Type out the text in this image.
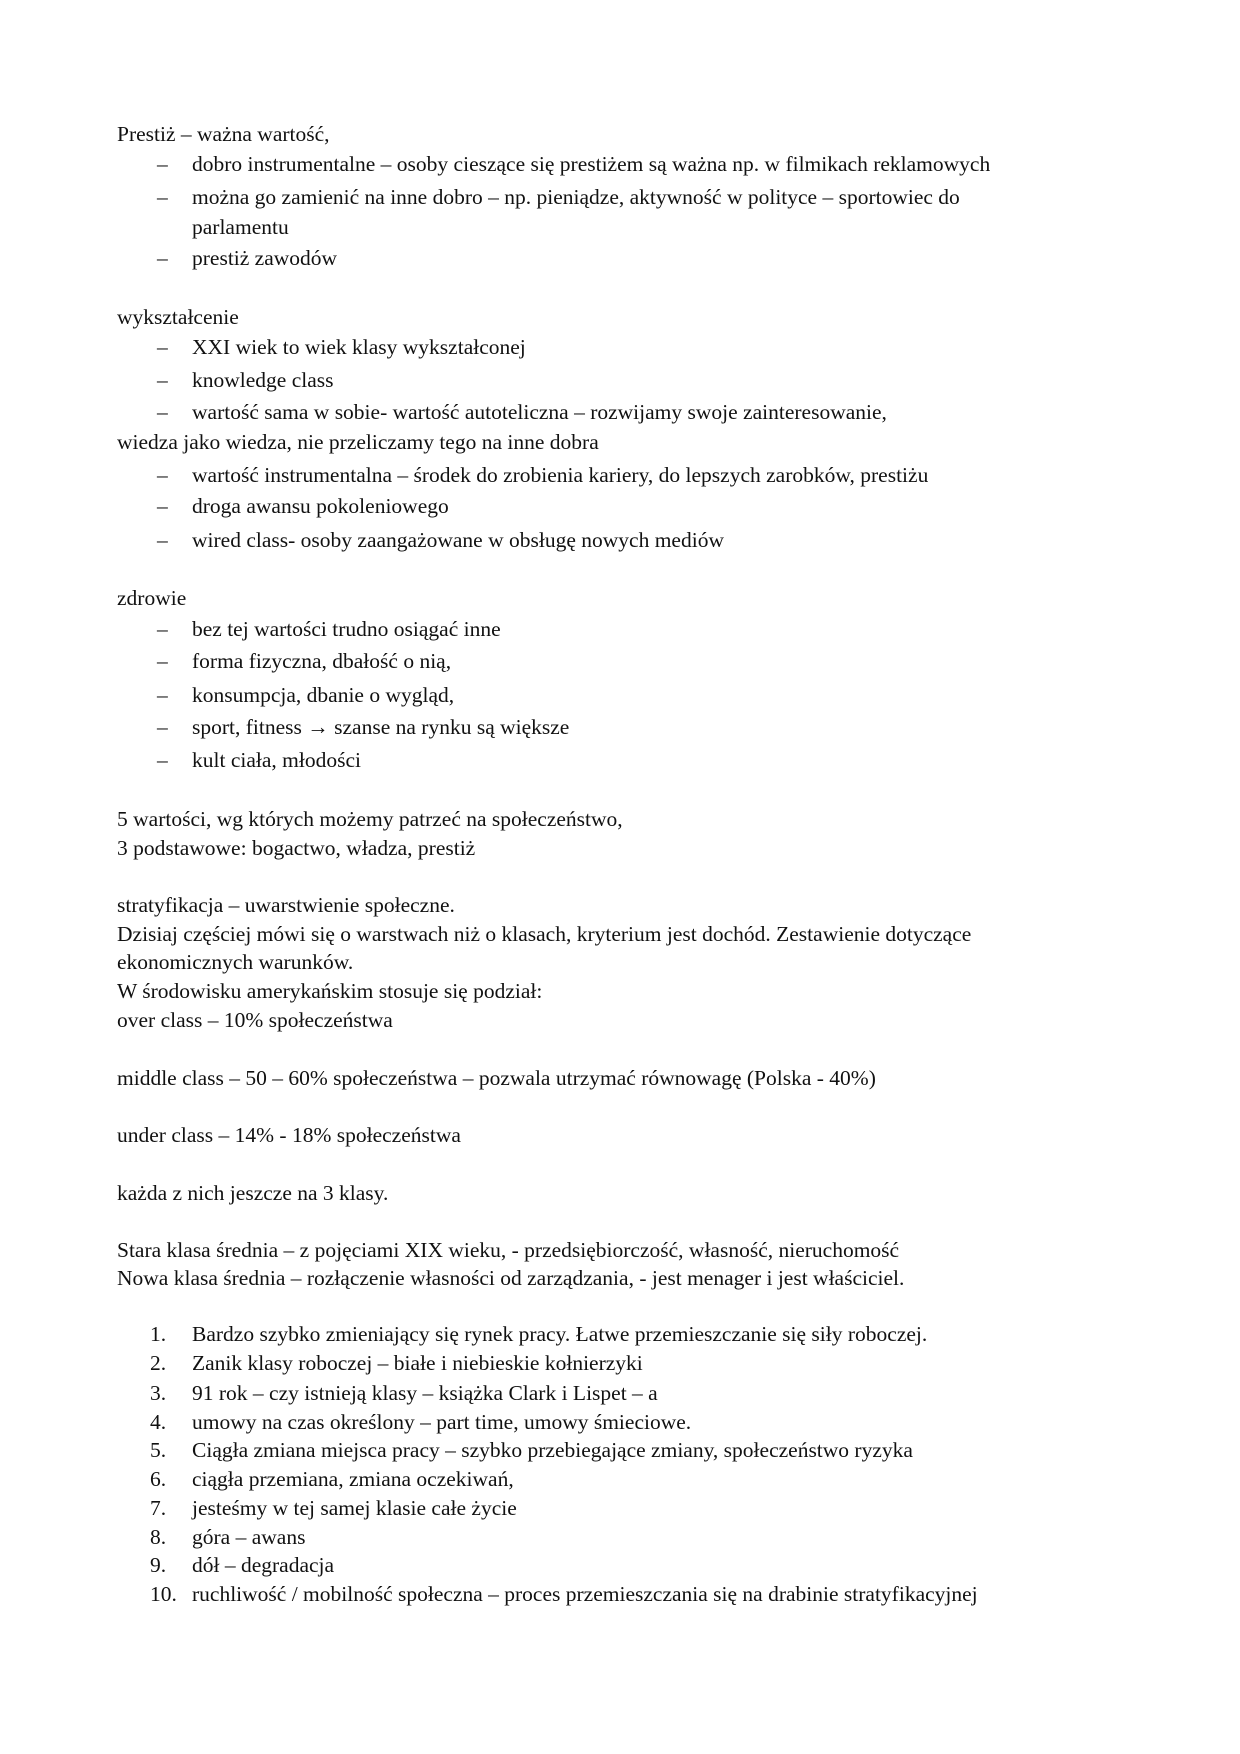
Prestiż – ważna wartość,
–	dobro instrumentalne – osoby cieszące się prestiżem są ważna np. w filmikach reklamowych
–	można go zamienić na inne dobro – np. pieniądze, aktywność w polityce – sportowiec do
parlamentu
–	prestiż zawodów
wykształcenie
–	XXI wiek to wiek klasy wykształconej
–	knowledge class
–	wartość sama w sobie- wartość autoteliczna – rozwijamy swoje zainteresowanie,
wiedza jako wiedza, nie przeliczamy tego na inne dobra
–	wartość instrumentalna – środek do zrobienia kariery, do lepszych zarobków, prestiżu
–	droga awansu pokoleniowego
–	wired class- osoby zaangażowane w obsługę nowych mediów
zdrowie
–	bez tej wartości trudno osiągać inne
–	forma fizyczna, dbałość o nią,
–	konsumpcja, dbanie o wygląd,
–	sport, fitness → szanse na rynku są większe
–	kult ciała, młodości
5 wartości, wg których możemy patrzeć na społeczeństwo,
3 podstawowe: bogactwo, władza, prestiż
stratyfikacja – uwarstwienie społeczne.
Dzisiaj częściej mówi się o warstwach niż o klasach, kryterium jest dochód. Zestawienie dotyczące
ekonomicznych warunków.
W środowisku amerykańskim stosuje się podział:
over class – 10% społeczeństwa
middle class – 50 – 60% społeczeństwa – pozwala utrzymać równowagę (Polska - 40%)
under class – 14% - 18% społeczeństwa
każda z nich jeszcze na 3 klasy.
Stara klasa średnia – z pojęciami XIX wieku, - przedsiębiorczość, własność, nieruchomość
Nowa klasa średnia – rozłączenie własności od zarządzania, - jest menager i jest właściciel.
1.	Bardzo szybko zmieniający się rynek pracy. Łatwe przemieszczanie się siły roboczej.
2.	Zanik klasy roboczej – białe i niebieskie kołnierzyki
3.	91 rok – czy istnieją klasy – książka Clark i Lispet – a
4.	umowy na czas określony – part time, umowy śmieciowe.
5.	Ciągła zmiana miejsca pracy – szybko przebiegające zmiany, społeczeństwo ryzyka
6.	ciągła przemiana, zmiana oczekiwań,
7.	jesteśmy w tej samej klasie całe życie
8.	góra – awans
9.	dół – degradacja
10. ruchliwość / mobilność społeczna – proces przemieszczania się na drabinie stratyfikacyjnej
